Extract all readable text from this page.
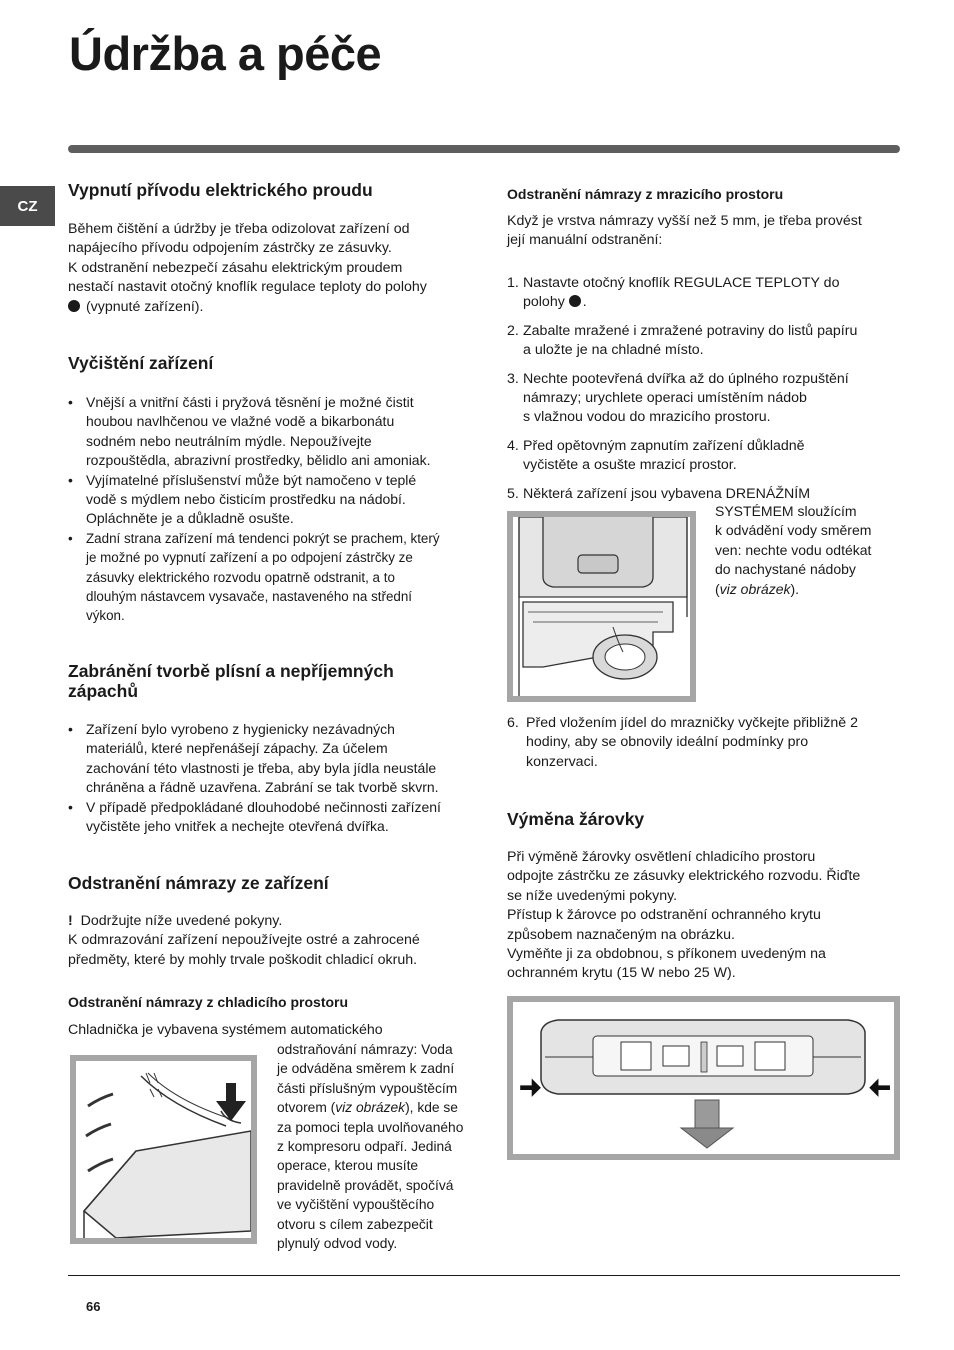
Údržba a péče
CZ
Vypnutí přívodu elektrického proudu

Během čištění a údržby je třeba odizolovat zařízení od

napájecího přívodu odpojením zástrčky ze zásuvky.

K odstranění nebezpečí zásahu elektrickým proudem

nestačí nastavit otočný knoflík regulace teploty do polohy

(vypnuté zařízení).

Vyčištění zařízení
• Vnější a vnitřní části i pryžová těsnění je možné čistit
houbou navlhčenou ve vlažné vodě a bikarbonátu
sodném nebo neutrálním mýdle. Nepoužívejte
rozpouštědla, abrazivní prostředky, bělidlo ani amoniak.
• Vyjímatelné příslušenství může být namočeno v teplé
vodě s mýdlem nebo čisticím prostředku na nádobí.
Opláchněte je a důkladně osušte.
• Zadní strana zařízení má tendenci pokrýt se prachem, který
je možné po vypnutí zařízení a po odpojení zástrčky ze
zásuvky elektrického rozvodu opatrně odstranit, a to
dlouhým nástavcem vysavače, nastaveného na střední
výkon.
Zabránění tvorbě plísní a nepříjemných
zápachů
• Zařízení bylo vyrobeno z hygienicky nezávadných
materiálů, které nepřenášejí zápachy. Za účelem
zachování této vlastnosti je třeba, aby byla jídla neustále
chráněna a řádně uzavřena. Zabrání se tak tvorbě skvrn.
• V případě předpokládané dlouhodobé nečinnosti zařízení
vyčistěte jeho vnitřek a nechejte otevřená dvířka.
Odstranění námrazy ze zařízení

! Dodržujte níže uvedené pokyny.

K odmrazování zařízení nepoužívejte ostré a zahrocené

předměty, které by mohly trvale poškodit chladicí okruh.

Odstranění námrazy z chladicího prostoru

Chladnička je vybavena systémem automatického

odstraňování námrazy: Voda
je odváděna směrem k zadní
části příslušným vypouštěcím
otvorem (viz obrázek), kde se
za pomoci tepla uvolňovaného
z kompresoru odpaří. Jediná
operace, kterou musíte
pravidelně provádět, spočívá
ve vyčištění vypouštěcího
otvoru s cílem zabezpečit
plynulý odvod vody.
Odstranění námrazy z mrazicího prostoru

Když je vrstva námrazy vyšší než 5 mm, je třeba provést

její manuální odstranění:

1. Nastavte otočný knoflík REGULACE TEPLOTY do
polohy .
2. Zabalte mražené i zmražené potraviny do listů papíru
a uložte je na chladné místo.
3. Nechte pootevřená dvířka až do úplného rozpuštění
námrazy; urychlete operaci umístěním nádob
s vlažnou vodou do mrazicího prostoru.
4. Před opětovným zapnutím zařízení důkladně
vyčistěte a osušte mrazicí prostor.
5. Některá zařízení jsou vybavena DRENÁŽNÍM
SYSTÉMEM sloužícím
k odvádění vody směrem
ven: nechte vodu odtékat
do nachystané nádoby
(viz obrázek).
6. Před vložením jídel do mrazničky vyčkejte přibližně 2
hodiny, aby se obnovily ideální podmínky pro
konzervaci.
Výměna žárovky

Při výměně žárovky osvětlení chladicího prostoru

odpojte zástrčku ze zásuvky elektrického rozvodu. Řiďte

se níže uvedenými pokyny.

Přístup k žárovce po odstranění ochranného krytu

způsobem naznačeným na obrázku.

Vyměňte ji za obdobnou, s příkonem uvedeným na

ochranném krytu (15 W nebo 25 W).

66
